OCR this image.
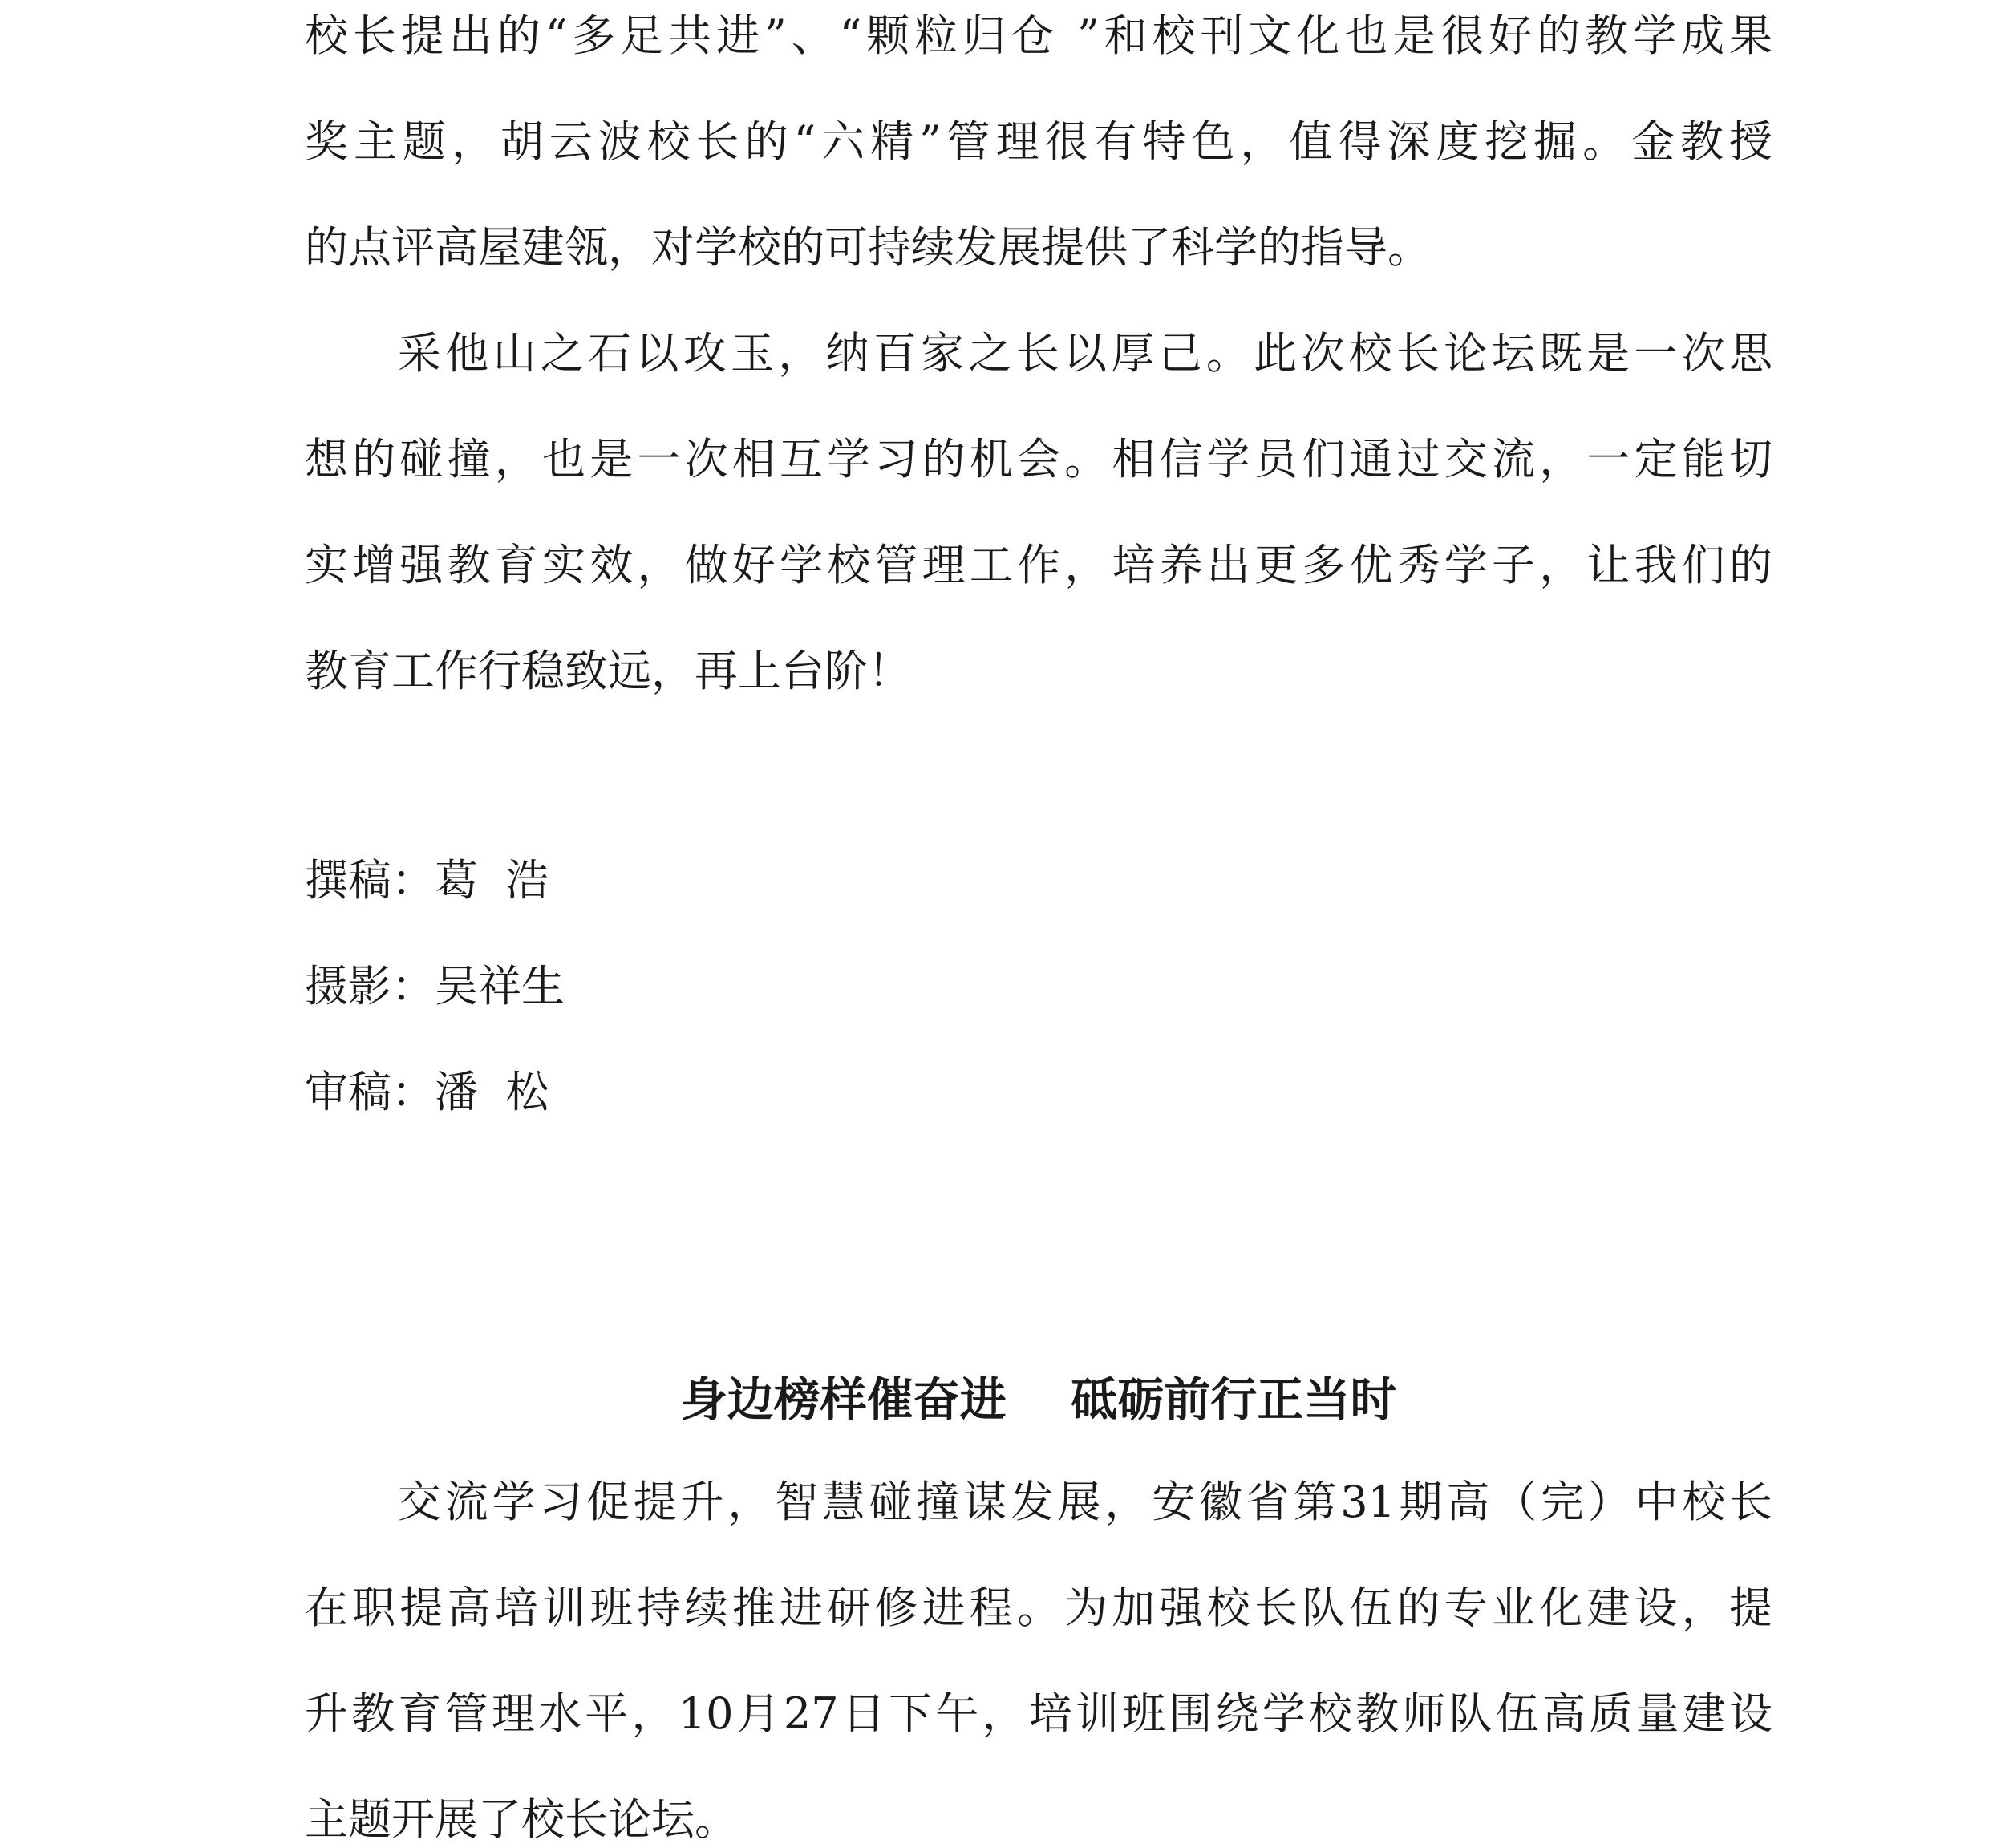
校长提出的“多足共进”、“颗粒归仓 ”和校刊文化也是很好的教学成果
奖主题，胡云波校长的“六精”管理很有特色，值得深度挖掘。金教授
的点评高屋建瓴，对学校的可持续发展提供了科学的指导。
采他山之石以攻玉，纳百家之长以厚己。此次校长论坛既是一次思
想的碰撞，也是一次相互学习的机会。相信学员们通过交流，一定能切
实增强教育实效，做好学校管理工作，培养出更多优秀学子，让我们的
教育工作行稳致远，再上台阶！
撰稿：葛  浩
摄影：吴祥生
审稿：潘  松
身边榜样催奋进    砥砺前行正当时
交流学习促提升，智慧碰撞谋发展，安徽省第31期高（完）中校长
在职提高培训班持续推进研修进程。为加强校长队伍的专业化建设，提
升教育管理水平，10月27日下午，培训班围绕学校教师队伍高质量建设
主题开展了校长论坛。
